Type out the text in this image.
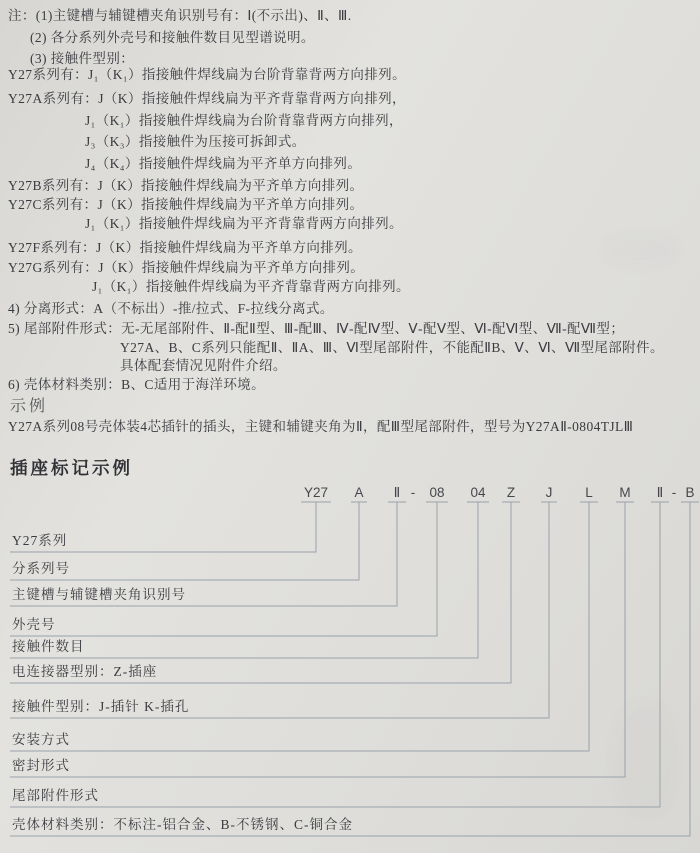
注：(1)主键槽与辅键槽夹角识别号有：Ⅰ(不示出)、Ⅱ、Ⅲ.
(2) 各分系列外壳号和接触件数目见型谱说明。
(3) 接触件型别：
Y27系列有：J₁（K₁）指接触件焊线扁为台阶背靠背两方向排列。
Y27A系列有：J（K）指接触件焊线扁为平齐背靠背两方向排列，
J₁（K₁）指接触件焊线扁为台阶背靠背两方向排列，
J₃（K₃）指接触件为压接可拆卸式。
J₄（K₄）指接触件焊线扁为平齐单方向排列。
Y27B系列有：J（K）指接触件焊线扁为平齐单方向排列。
Y27C系列有：J（K）指接触件焊线扁为平齐单方向排列。
J₁（K₁）指接触件焊线扁为平齐背靠背两方向排列。
Y27F系列有：J（K）指接触件焊线扁为平齐单方向排列。
Y27G系列有：J（K）指接触件焊线扁为平齐单方向排列。
J₁（K₁）指接触件焊线扁为平齐背靠背两方向排列。
4) 分离形式：A（不标出）-推/拉式、F-拉线分离式。
5) 尾部附件形式：无-无尾部附件、Ⅱ-配Ⅱ型、Ⅲ-配Ⅲ、Ⅳ-配Ⅳ型、Ⅴ-配Ⅴ型、Ⅵ-配Ⅵ型、Ⅶ-配Ⅶ型；
Y27A、B、C系列只能配Ⅱ、ⅡA、Ⅲ、Ⅵ型尾部附件，不能配ⅡB、Ⅴ、Ⅵ、Ⅶ型尾部附件。
具体配套情况见附件介绍。
6) 壳体材料类别：B、C适用于海洋环境。
示例
Y27A系列08号壳体装4芯插针的插头，主键和辅键夹角为Ⅱ，配Ⅲ型尾部附件，型号为Y27AⅡ-0804TJLⅢ
插座标记示例
Y27 A Ⅱ - 08 04 Z J L M Ⅱ - B
Y27系列
分系列号
主键槽与辅键槽夹角识别号
外壳号
接触件数目
电连接器型别：Z-插座
接触件型别：J-插针 K-插孔
安装方式
密封形式
尾部附件形式
壳体材料类别：不标注-铝合金、B-不锈钢、C-铜合金
